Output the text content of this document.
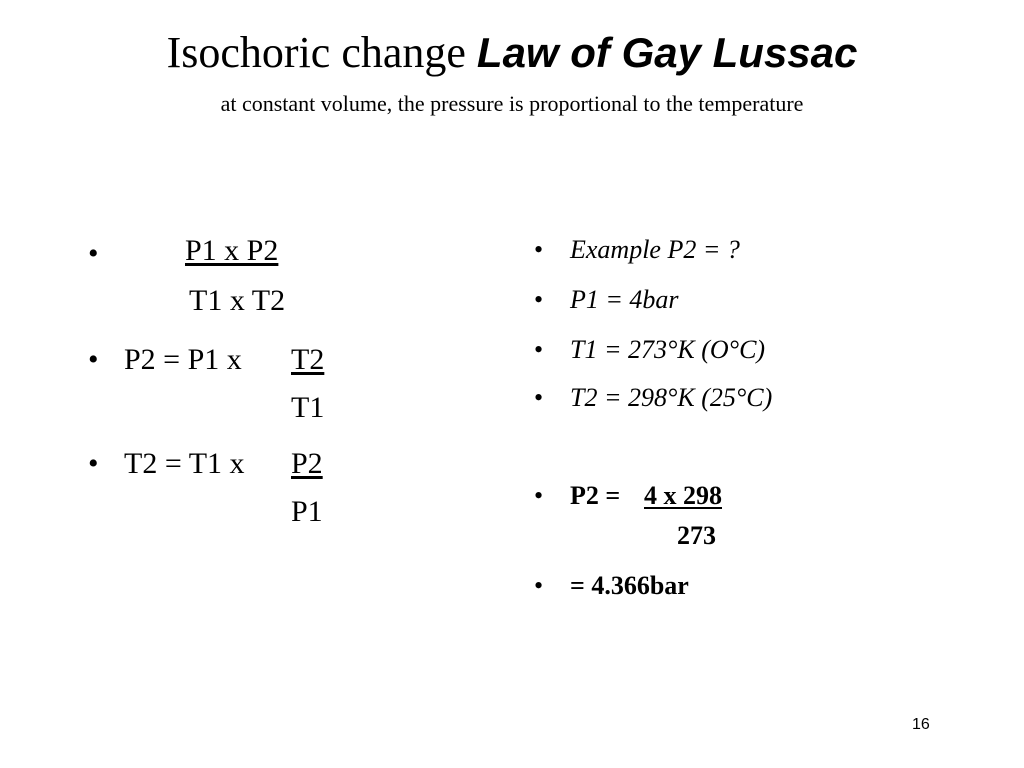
Isochoric change Law of Gay Lussac
at constant volume, the pressure is proportional to the temperature
•	P1 x P2
T1 x T2
• P2 = P1 x T2
T1
• T2 = T1 x P2
P1
• Example P2 = ?
• P1 = 4bar
• T1 = 273°K (O°C)
• T2 = 298°K (25°C)
• P2 = 4 x 298
273
• = 4.366bar
16
